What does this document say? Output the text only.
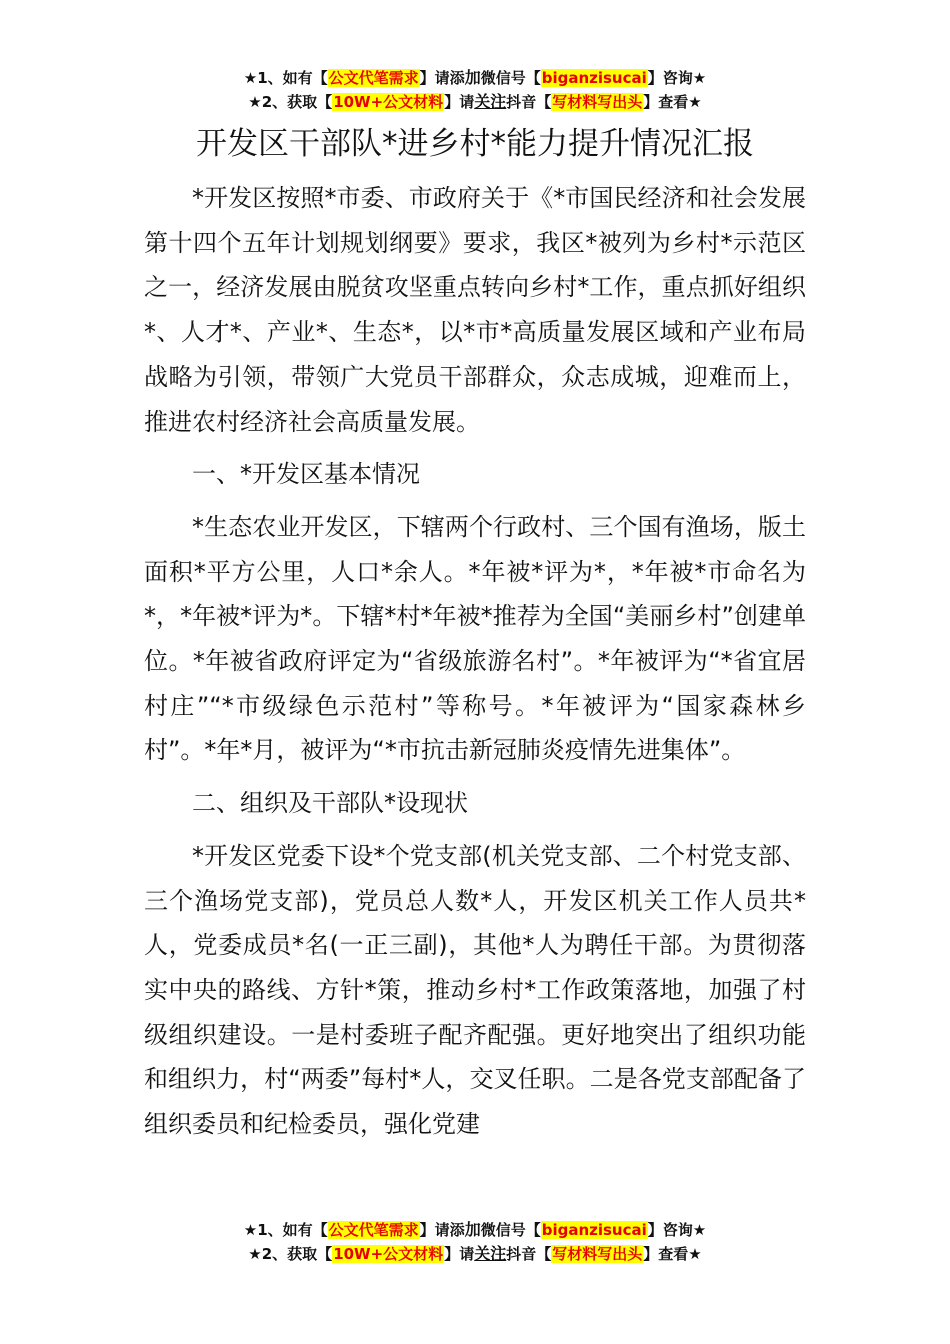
★1、如有【公文代笔需求】请添加微信号【biganzisucai】咨询★
★2、获取【10W+公文材料】请关注抖音【写材料写出头】查看★
开发区干部队*进乡村*能力提升情况汇报

*开发区按照*市委、市政府关于《*市国民经济和社会发展第十四个五年计划规划纲要》要求，我区*被列为乡村*示范区之一，经济发展由脱贫攻坚重点转向乡村*工作，重点抓好组织*、人才*、产业*、生态*，以*市*高质量发展区域和产业布局战略为引领，带领广大党员干部群众，众志成城，迎难而上，推进农村经济社会高质量发展。

一、*开发区基本情况

*生态农业开发区，下辖两个行政村、三个国有渔场，版土面积*平方公里，人口*余人。*年被*评为*，*年被*市命名为*，*年被*评为*。下辖*村*年被*推荐为全国“美丽乡村”创建单位。*年被省政府评定为“省级旅游名村”。*年被评为“*省宜居村庄”“*市级绿色示范村”等称号。*年被评为“国家森林乡村”。*年*月，被评为“*市抗击新冠肺炎疫情先进集体”。

二、组织及干部队*设现状

*开发区党委下设*个党支部(机关党支部、二个村党支部、三个渔场党支部)，党员总人数*人，开发区机关工作人员共*人，党委成员*名(一正三副)，其他*人为聘任干部。为贯彻落实中央的路线、方针*策，推动乡村*工作政策落地，加强了村级组织建设。一是村委班子配齐配强。更好地突出了组织功能和组织力，村“两委”每村*人，交叉任职。二是各党支部配备了组织委员和纪检委员，强化党建

★1、如有【公文代笔需求】请添加微信号【biganzisucai】咨询★
★2、获取【10W+公文材料】请关注抖音【写材料写出头】查看★
